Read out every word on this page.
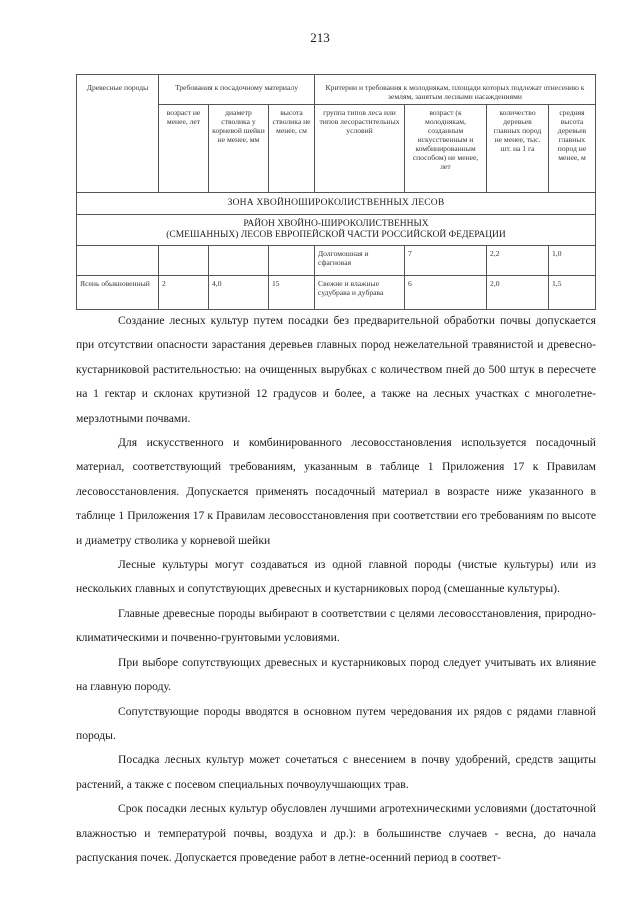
213
Древесные породы	Требования к посадочному материалу			Критерии и требования к молоднякам, площади которых подлежат отнесению к землям, занятым лесными насаждениями			
	возраст не менее, лет	диаметр стволика у корневой шейки не менее, мм	высота стволика не менее, см	группа типов леса или типов лесорастительных условий	возраст (к молоднякам, созданным искусственным и комбинированным способом) не менее, лет	количество деревьев главных пород не менее, тыс. шт. на 1 га	средняя высота деревьев главных пород не менее, м
ЗОНА ХВОЙНОШИРОКОЛИСТВЕННЫХ ЛЕСОВ							
РАЙОН ХВОЙНО-ШИРОКОЛИСТВЕННЫХ
(СМЕШАННЫХ) ЛЕСОВ ЕВРОПЕЙСКОЙ ЧАСТИ РОССИЙСКОЙ ФЕДЕРАЦИИ							
				Долгомошная и сфагновая	7	2,2	1,0
Ясень обыкновенный	2	4,0	15	Свежие и влажные судубрава и дубрава	6	2,0	1,5

Создание лесных культур путем посадки без предварительной обработки почвы допускается при отсутствии опасности зарастания деревьев главных пород нежелательной травянистой и древесно-кустарниковой растительностью: на очищенных вырубках с количеством пней до 500 штук в пересчете на 1 гектар и склонах крутизной 12 градусов и более, а также на лесных участках с многолетне-мерзлотными почвами.

Для искусственного и комбинированного лесовосстановления используется посадочный материал, соответствующий требованиям, указанным в таблице 1 Приложения 17 к Правилам лесовосстановления. Допускается применять посадочный материал в возрасте ниже указанного в таблице 1 Приложения 17 к Правилам лесовосстановления при соответствии его требованиям по высоте и диаметру стволика у корневой шейки

Лесные культуры могут создаваться из одной главной породы (чистые культуры) или из нескольких главных и сопутствующих древесных и кустарниковых пород (смешанные культуры).

Главные древесные породы выбирают в соответствии с целями лесовосстановления, природно-климатическими и почвенно-грунтовыми условиями.

При выборе сопутствующих древесных и кустарниковых пород следует учитывать их влияние на главную породу.

Сопутствующие породы вводятся в основном путем чередования их рядов с рядами главной породы.

Посадка лесных культур может сочетаться с внесением в почву удобрений, средств защиты растений, а также с посевом специальных почвоулучшающих трав.

Срок посадки лесных культур обусловлен лучшими агротехническими условиями (достаточной влажностью и температурой почвы, воздуха и др.): в большинстве случаев - весна, до начала распускания почек. Допускается проведение работ в летне-осенний период в соответ-
